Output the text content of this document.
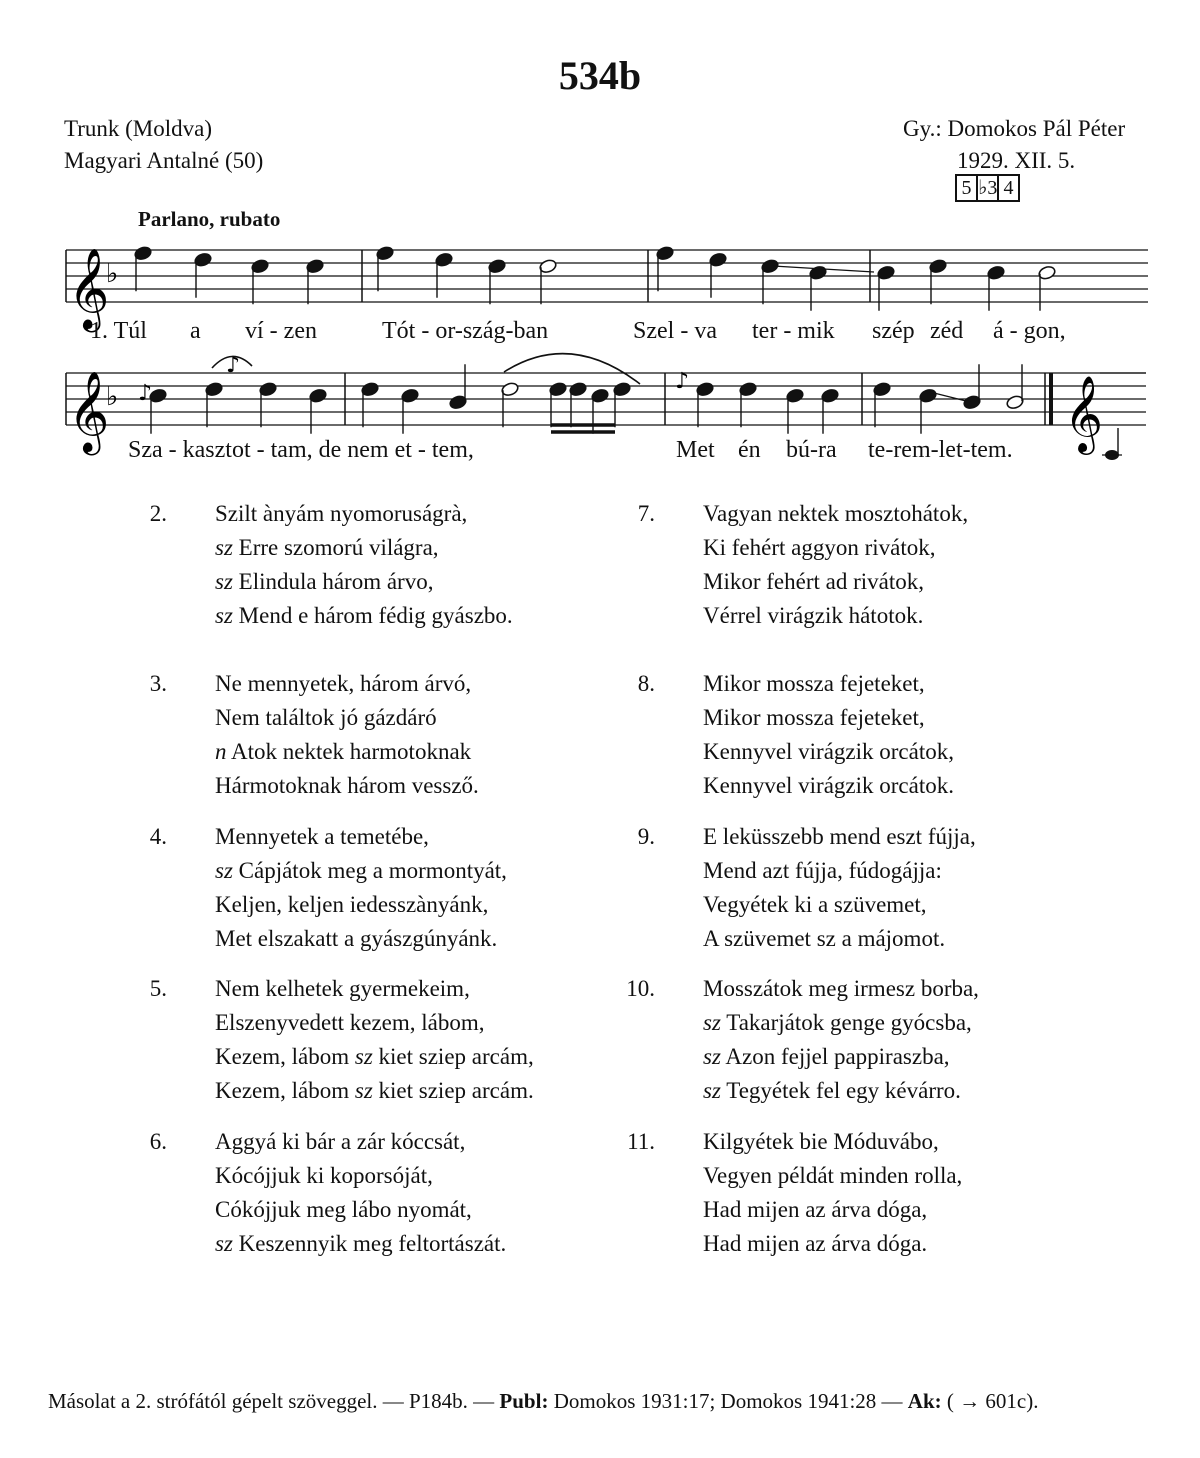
534b
Trunk (Moldva)
Magyari Antalné (50)
Gy.: Domokos Pál Péter
1929. XII. 5.
5 ♭3 4
Parlano, rubato
𝄞
♭
𝄞
♭ ♪
♪
♪	𝄞
1. Túl a ví - zen	Tót - or-szág-ban	Szel - va ter - mik szép zéd á - gon,
Sza - kasztot - tam, de nem et - tem,	Met én bú-ra te-rem-let-tem.
2. Szilt ànyám nyomoruságrà,
sz Erre szomorú világra,
sz Elindula három árvo,
sz Mend e három fédig gyászbo.
3. Ne mennyetek, három árvó,
Nem találtok jó gázdáró
n Atok nektek harmotoknak
Hármotoknak három vessző.
4. Mennyetek a temetébe,
sz Cápjátok meg a mormontyát,
Keljen, keljen iedesszànyánk,
Met elszakatt a gyászgúnyánk.
5. Nem kelhetek gyermekeim,
Elszenyvedett kezem, lábom,
Kezem, lábom sz kiet sziep arcám,
Kezem, lábom sz kiet sziep arcám.
6. Aggyá ki bár a zár kóccsát,
Kócójjuk ki koporsóját,
Cókójjuk meg lábo nyomát,
sz Keszennyik meg feltortászát.
7. Vagyan nektek mosztohátok,
Ki fehért aggyon rivátok,
Mikor fehért ad rivátok,
Vérrel virágzik hátotok.
8. Mikor mossza fejeteket,
Mikor mossza fejeteket,
Kennyvel virágzik orcátok,
Kennyvel virágzik orcátok.
9. E leküsszebb mend eszt fújja,
Mend azt fújja, fúdogájja:
Vegyétek ki a szüvemet,
A szüvemet sz a májomot.
10. Mosszátok meg irmesz borba,
sz Takarjátok genge gyócsba,
sz Azon fejjel pappiraszba,
sz Tegyétek fel egy kévárro.
11. Kilgyétek bie Móduvábo,
Vegyen példát minden rolla,
Had mijen az árva dóga,
Had mijen az árva dóga.
Másolat a 2. strófától gépelt szöveggel. — P184b. — Publ: Domokos 1931:17; Domokos 1941:28 — Ak: ( → 601c).
